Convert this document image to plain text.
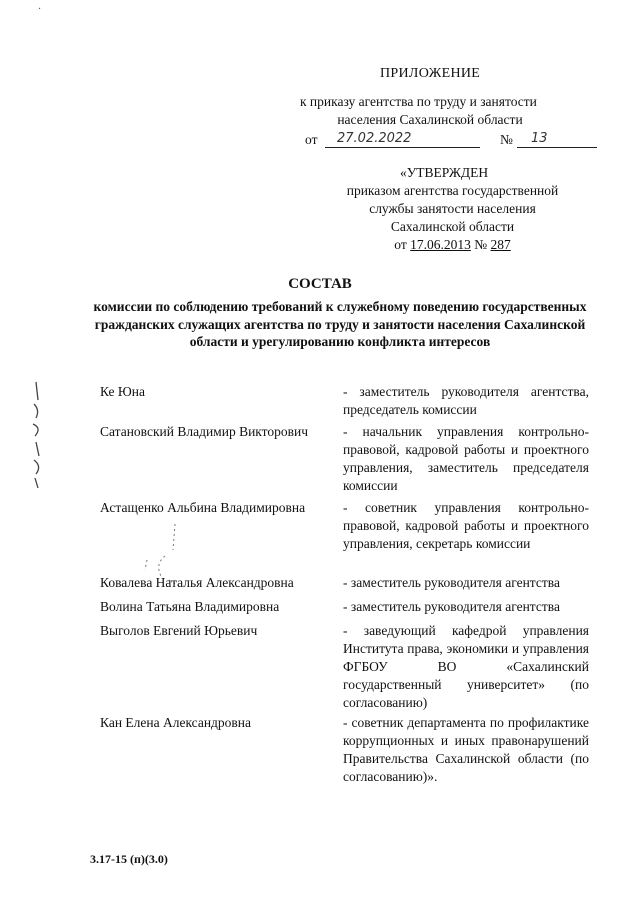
·
ПРИЛОЖЕНИЕ
к приказу агентства по труду и занятости
населения Сахалинской области
от 27.02.2022	№ 13
«УТВЕРЖДЕН
приказом агентства государственной
службы занятости населения
Сахалинской области
от 17.06.2013 № 287
СОСТАВ
комиссии по соблюдению требований к служебному поведению государственных гражданских служащих агентства по труду и занятости населения Сахалинской области и урегулированию конфликта интересов
Ке Юна	- заместитель руководителя агентства, председатель комиссии
Сатановский Владимир Викторович	- начальник управления контрольно-правовой, кадровой работы и проектного управления, заместитель председателя комиссии
Астащенко Альбина Владимировна	- советник управления контрольно-правовой, кадровой работы и проектного управления, секретарь комиссии
Ковалева Наталья Александровна	- заместитель руководителя агентства
Волина Татьяна Владимировна	- заместитель руководителя агентства
Выголов Евгений Юрьевич	- заведующий кафедрой управления Института права, экономики и управления ФГБОУ ВО «Сахалинский государственный университет» (по согласованию)
Кан Елена Александровна	- советник департамента по профилактике коррупционных и иных правонарушений Правительства Сахалинской области (по согласованию)».
3.17-15 (п)(3.0)
